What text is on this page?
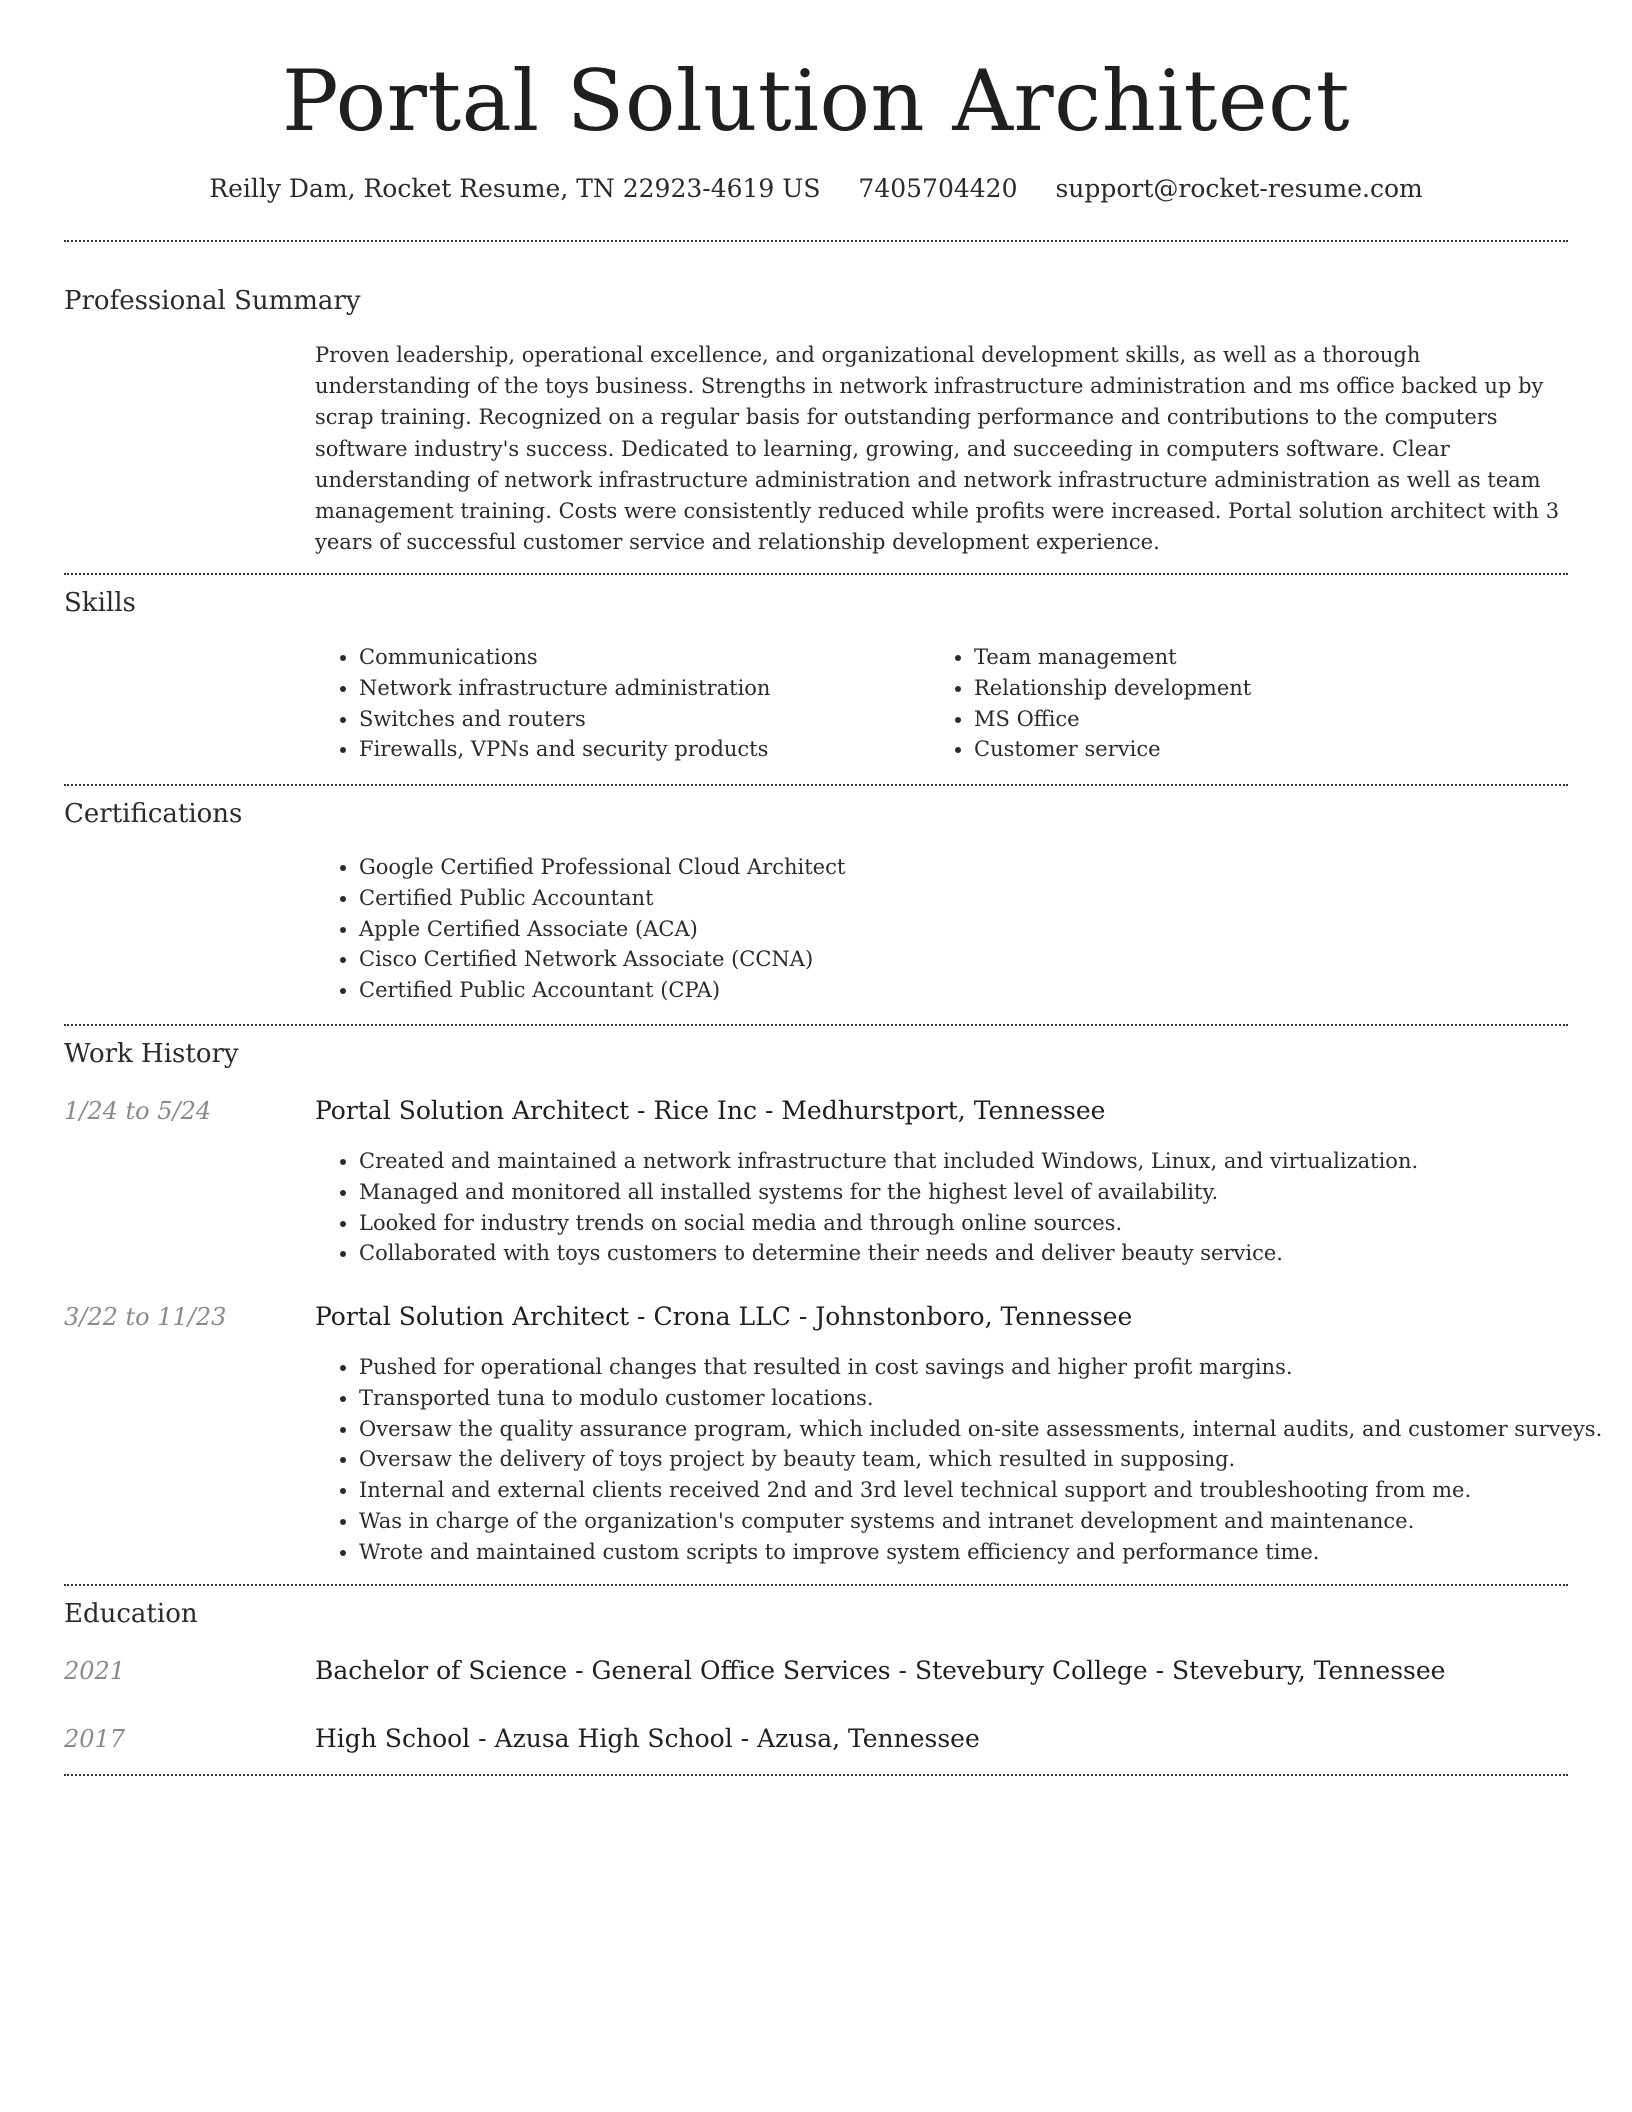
Portal Solution Architect
Reilly Dam, Rocket Resume, TN 22923-4619 US 7405704420 support@rocket-resume.com
Professional Summary

Proven leadership, operational excellence, and organizational development skills, as well as a thorough understanding of the toys business. Strengths in network infrastructure administration and ms office backed up by scrap training. Recognized on a regular basis for outstanding performance and contributions to the computers software industry's success. Dedicated to learning, growing, and succeeding in computers software. Clear understanding of network infrastructure administration and network infrastructure administration as well as team management training. Costs were consistently reduced while profits were increased. Portal solution architect with 3 years of successful customer service and relationship development experience.

Skills
• Communications
• Network infrastructure administration
• Switches and routers
• Firewalls, VPNs and security products
• Team management
• Relationship development
• MS Office
• Customer service
Certifications
• Google Certified Professional Cloud Architect
• Certified Public Accountant
• Apple Certified Associate (ACA)
• Cisco Certified Network Associate (CCNA)
• Certified Public Accountant (CPA)
Work History
1/24 to 5/24	Portal Solution Architect - Rice Inc - Medhurstport, Tennessee
• Created and maintained a network infrastructure that included Windows, Linux, and virtualization.
• Managed and monitored all installed systems for the highest level of availability.
• Looked for industry trends on social media and through online sources.
• Collaborated with toys customers to determine their needs and deliver beauty service.
3/22 to 11/23	Portal Solution Architect - Crona LLC - Johnstonboro, Tennessee
• Pushed for operational changes that resulted in cost savings and higher profit margins.
• Transported tuna to modulo customer locations.
• Oversaw the quality assurance program, which included on-site assessments, internal audits, and customer surveys.
• Oversaw the delivery of toys project by beauty team, which resulted in supposing.
• Internal and external clients received 2nd and 3rd level technical support and troubleshooting from me.
• Was in charge of the organization's computer systems and intranet development and maintenance.
• Wrote and maintained custom scripts to improve system efficiency and performance time.
Education
2021	Bachelor of Science - General Office Services - Stevebury College - Stevebury, Tennessee
2017	High School - Azusa High School - Azusa, Tennessee
